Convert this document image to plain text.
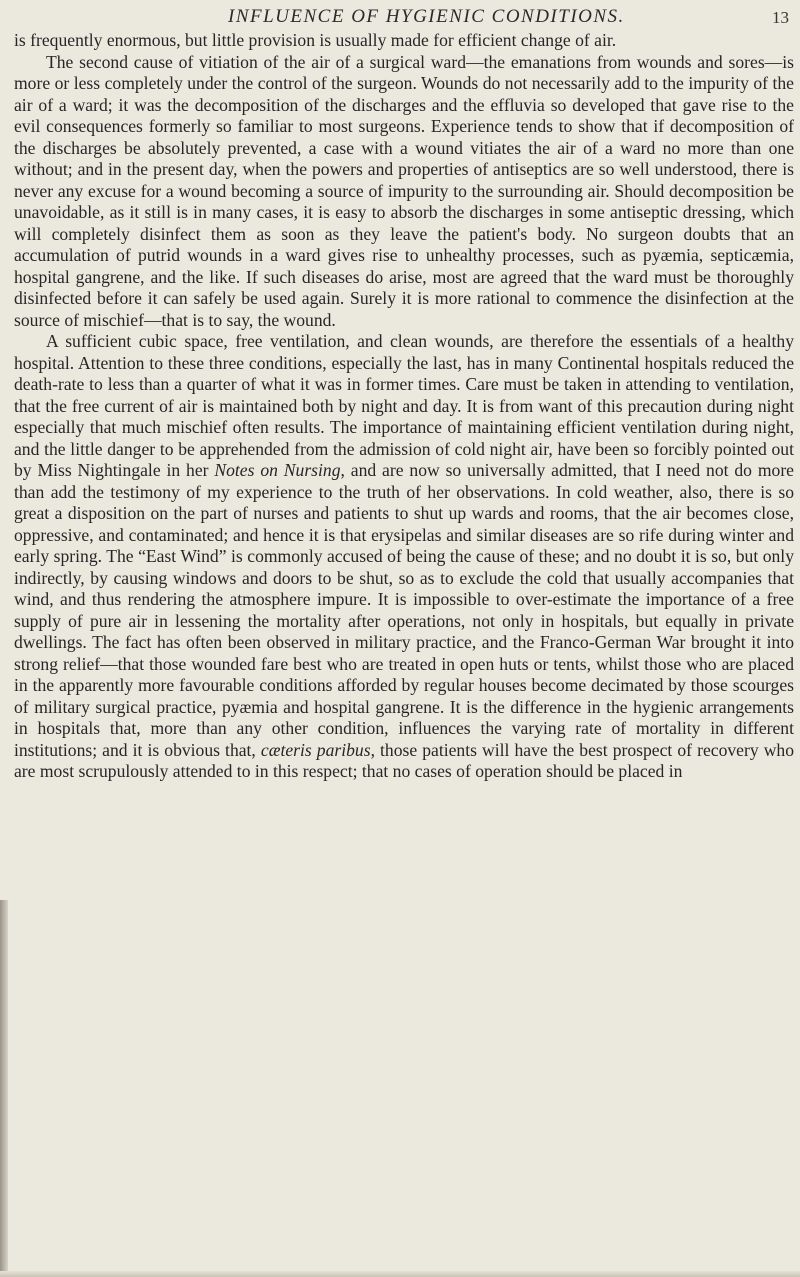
INFLUENCE OF HYGIENIC CONDITIONS.	13

is frequently enormous, but little provision is usually made for efficient change of air.

The second cause of vitiation of the air of a surgical ward—the emanations from wounds and sores—is more or less completely under the control of the surgeon. Wounds do not necessarily add to the impurity of the air of a ward; it was the decomposition of the discharges and the effluvia so developed that gave rise to the evil consequences formerly so familiar to most surgeons. Experience tends to show that if decomposition of the discharges be absolutely prevented, a case with a wound vitiates the air of a ward no more than one without; and in the present day, when the powers and properties of antiseptics are so well understood, there is never any excuse for a wound becoming a source of impurity to the surrounding air. Should decomposition be unavoidable, as it still is in many cases, it is easy to absorb the discharges in some antiseptic dressing, which will completely disinfect them as soon as they leave the patient's body. No surgeon doubts that an accumulation of putrid wounds in a ward gives rise to unhealthy processes, such as pyæmia, septicæmia, hospital gangrene, and the like. If such diseases do arise, most are agreed that the ward must be thoroughly disinfected before it can safely be used again. Surely it is more rational to commence the disinfection at the source of mischief—that is to say, the wound.

A sufficient cubic space, free ventilation, and clean wounds, are therefore the essentials of a healthy hospital. Attention to these three conditions, especially the last, has in many Continental hospitals reduced the death-rate to less than a quarter of what it was in former times. Care must be taken in attending to ventilation, that the free current of air is maintained both by night and day. It is from want of this precaution during night especially that much mischief often results. The importance of maintaining efficient ventilation during night, and the little danger to be apprehended from the admission of cold night air, have been so forcibly pointed out by Miss Nightingale in her Notes on Nursing, and are now so universally admitted, that I need not do more than add the testimony of my experience to the truth of her observations. In cold weather, also, there is so great a disposition on the part of nurses and patients to shut up wards and rooms, that the air becomes close, oppressive, and contaminated; and hence it is that erysipelas and similar diseases are so rife during winter and early spring. The “East Wind” is commonly accused of being the cause of these; and no doubt it is so, but only indirectly, by causing windows and doors to be shut, so as to exclude the cold that usually accompanies that wind, and thus rendering the atmosphere impure. It is impossible to over-estimate the importance of a free supply of pure air in lessening the mortality after operations, not only in hospitals, but equally in private dwellings. The fact has often been observed in military practice, and the Franco-German War brought it into strong relief—that those wounded fare best who are treated in open huts or tents, whilst those who are placed in the apparently more favourable conditions afforded by regular houses become decimated by those scourges of military surgical practice, pyæmia and hospital gangrene. It is the difference in the hygienic arrangements in hospitals that, more than any other condition, influences the varying rate of mortality in different institutions; and it is obvious that, cæteris paribus, those patients will have the best prospect of recovery who are most scrupulously attended to in this respect; that no cases of operation should be placed in
